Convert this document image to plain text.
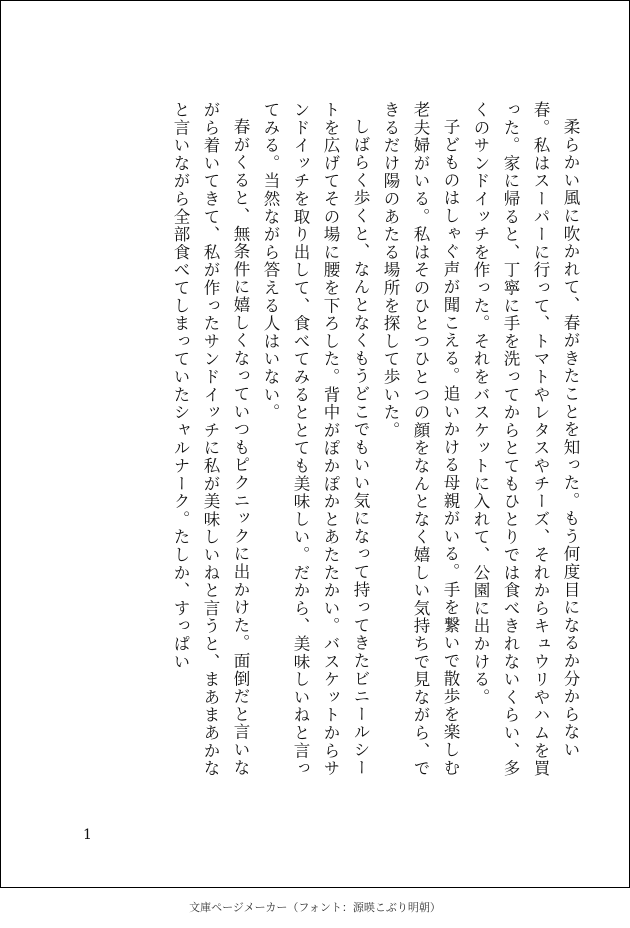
柔らかい風に吹かれて、春がきたことを知った。もう何度目になるか分からない春。私はスーパーに行って、トマトやレタスやチーズ、それからキュウリやハムを買った。家に帰ると、丁寧に手を洗ってからとてもひとりでは食べきれないくらい、多くのサンドイッチを作った。それをバスケットに入れて、公園に出かける。

子どものはしゃぐ声が聞こえる。追いかける母親がいる。手を繋いで散歩を楽しむ老夫婦がいる。私はそのひとつひとつの顔をなんとなく嬉しい気持ちで見ながら、できるだけ陽のあたる場所を探して歩いた。

しばらく歩くと、なんとなくもうどこでもいい気になって持ってきたビニールシートを広げてその場に腰を下ろした。背中がぽかぽかとあたたかい。バスケットからサンドイッチを取り出して、食べてみるととても美味しい。だから、美味しいねと言ってみる。当然ながら答える人はいない。

春がくると、無条件に嬉しくなっていつもピクニックに出かけた。面倒だと言いながら着いてきて、私が作ったサンドイッチに私が美味しいねと言うと、まあまあかなと言いながら全部食べてしまっていたシャルナーク。たしか、すっぱい

1
文庫ページメーカー（フォント：源暎こぶり明朝）
